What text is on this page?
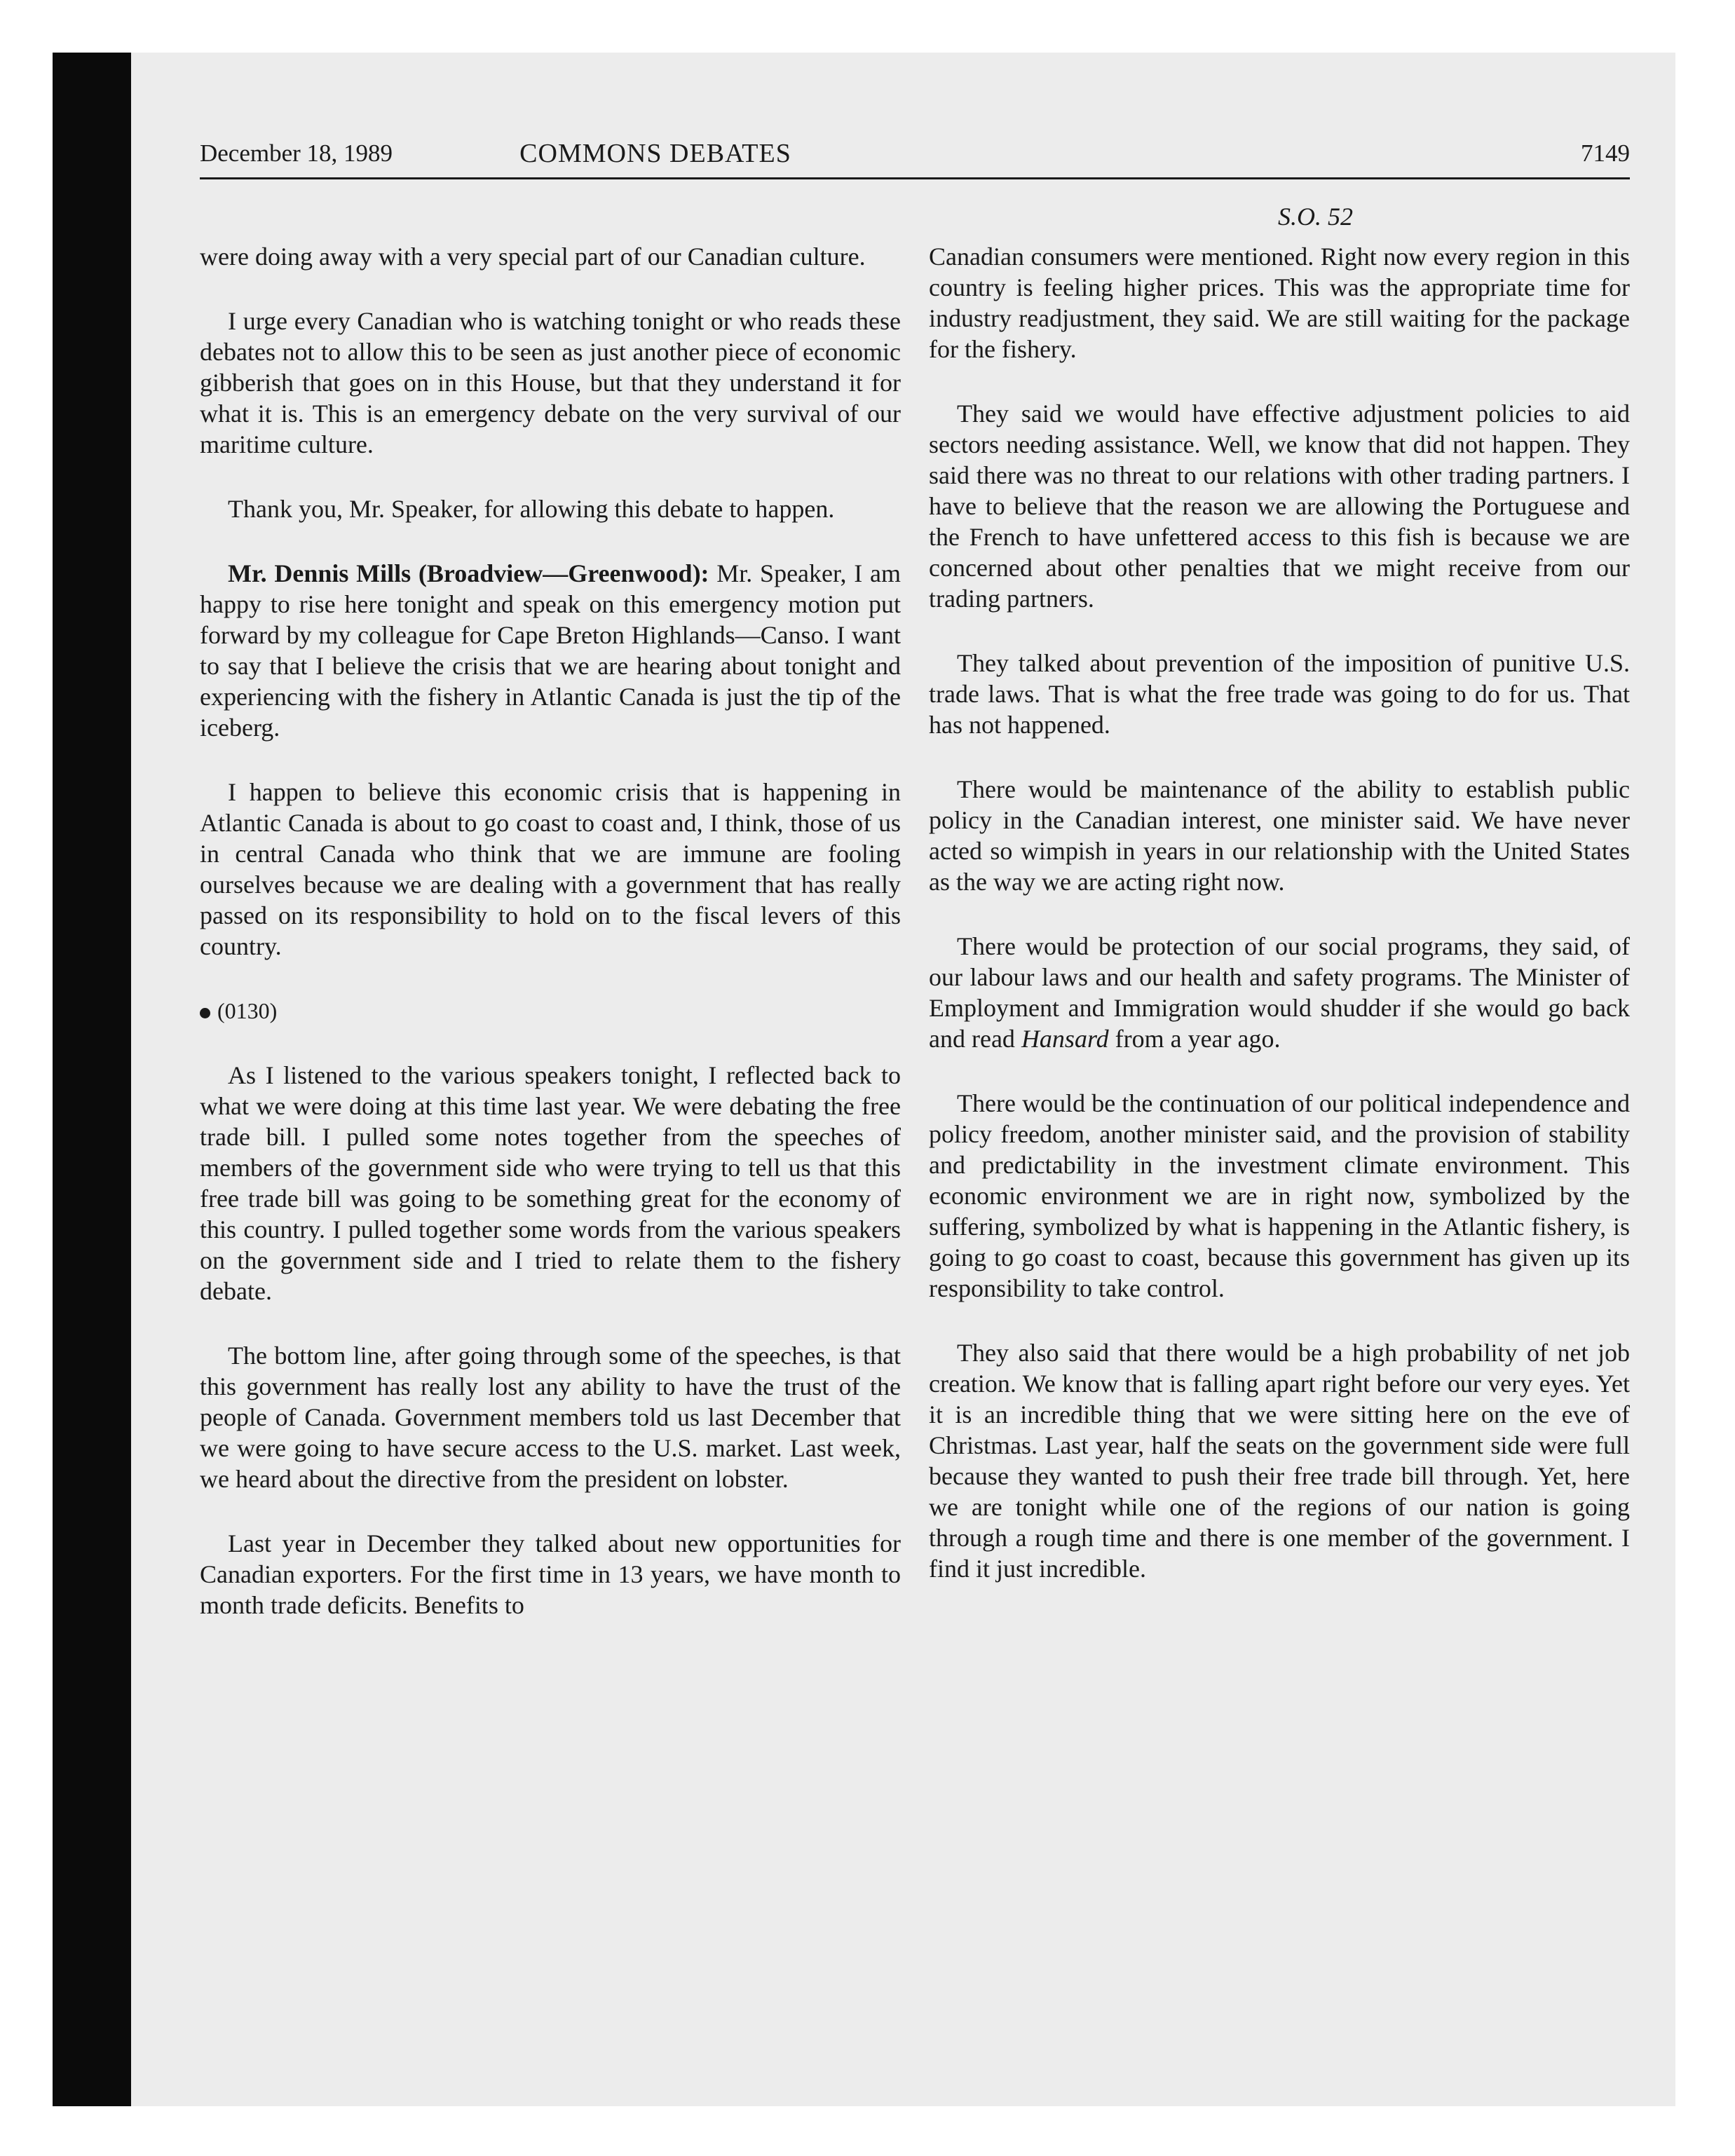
December 18, 1989	COMMONS DEBATES	7149
S.O. 52

were doing away with a very special part of our Canadian culture.

I urge every Canadian who is watching tonight or who reads these debates not to allow this to be seen as just another piece of economic gibberish that goes on in this House, but that they understand it for what it is. This is an emergency debate on the very survival of our maritime culture.

Thank you, Mr. Speaker, for allowing this debate to happen.

Mr. Dennis Mills (Broadview—Greenwood): Mr. Speaker, I am happy to rise here tonight and speak on this emergency motion put forward by my colleague for Cape Breton Highlands—Canso. I want to say that I believe the crisis that we are hearing about tonight and experiencing with the fishery in Atlantic Canada is just the tip of the iceberg.

I happen to believe this economic crisis that is happening in Atlantic Canada is about to go coast to coast and, I think, those of us in central Canada who think that we are immune are fooling ourselves because we are dealing with a government that has really passed on its responsibility to hold on to the fiscal levers of this country.

(0130)

As I listened to the various speakers tonight, I reflected back to what we were doing at this time last year. We were debating the free trade bill. I pulled some notes together from the speeches of members of the government side who were trying to tell us that this free trade bill was going to be something great for the economy of this country. I pulled together some words from the various speakers on the government side and I tried to relate them to the fishery debate.

The bottom line, after going through some of the speeches, is that this government has really lost any ability to have the trust of the people of Canada. Government members told us last December that we were going to have secure access to the U.S. market. Last week, we heard about the directive from the president on lobster.

Last year in December they talked about new opportunities for Canadian exporters. For the first time in 13 years, we have month to month trade deficits. Benefits to

Canadian consumers were mentioned. Right now every region in this country is feeling higher prices. This was the appropriate time for industry readjustment, they said. We are still waiting for the package for the fishery.

They said we would have effective adjustment policies to aid sectors needing assistance. Well, we know that did not happen. They said there was no threat to our relations with other trading partners. I have to believe that the reason we are allowing the Portuguese and the French to have unfettered access to this fish is because we are concerned about other penalties that we might receive from our trading partners.

They talked about prevention of the imposition of punitive U.S. trade laws. That is what the free trade was going to do for us. That has not happened.

There would be maintenance of the ability to establish public policy in the Canadian interest, one minister said. We have never acted so wimpish in years in our relationship with the United States as the way we are acting right now.

There would be protection of our social programs, they said, of our labour laws and our health and safety programs. The Minister of Employment and Immigration would shudder if she would go back and read Hansard from a year ago.

There would be the continuation of our political independence and policy freedom, another minister said, and the provision of stability and predictability in the investment climate environment. This economic environment we are in right now, symbolized by the suffering, symbolized by what is happening in the Atlantic fishery, is going to go coast to coast, because this government has given up its responsibility to take control.

They also said that there would be a high probability of net job creation. We know that is falling apart right before our very eyes. Yet it is an incredible thing that we were sitting here on the eve of Christmas. Last year, half the seats on the government side were full because they wanted to push their free trade bill through. Yet, here we are tonight while one of the regions of our nation is going through a rough time and there is one member of the government. I find it just incredible.
